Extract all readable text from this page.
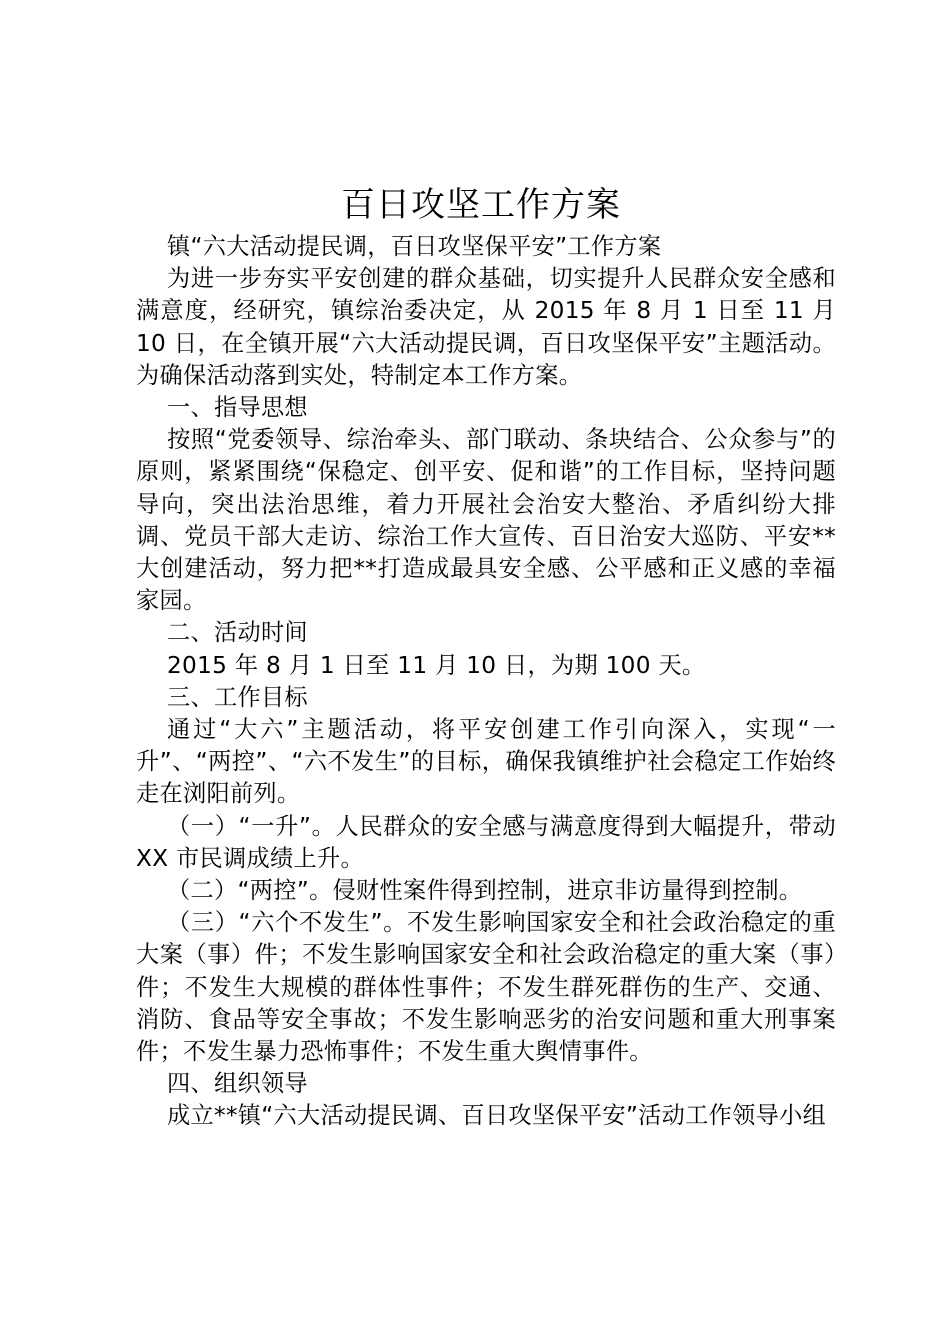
百日攻坚工作方案

镇“六大活动提民调，百日攻坚保平安”工作方案

为进一步夯实平安创建的群众基础，切实提升人民群众安全感和满意度，经研究，镇综治委决定，从 2015 年 8 月 1 日至 11 月 10 日，在全镇开展“六大活动提民调，百日攻坚保平安”主题活动。为确保活动落到实处，特制定本工作方案。

一、指导思想

按照“党委领导、综治牵头、部门联动、条块结合、公众参与”的原则，紧紧围绕“保稳定、创平安、促和谐”的工作目标，坚持问题导向，突出法治思维，着力开展社会治安大整治、矛盾纠纷大排调、党员干部大走访、综治工作大宣传、百日治安大巡防、平安**大创建活动，努力把**打造成最具安全感、公平感和正义感的幸福家园。

二、活动时间

2015 年 8 月 1 日至 11 月 10 日，为期 100 天。

三、工作目标

通过“大六”主题活动，将平安创建工作引向深入，实现“一升”、“两控”、“六不发生”的目标，确保我镇维护社会稳定工作始终走在浏阳前列。

（一）“一升”。人民群众的安全感与满意度得到大幅提升，带动 XX 市民调成绩上升。

（二）“两控”。侵财性案件得到控制，进京非访量得到控制。

（三）“六个不发生”。不发生影响国家安全和社会政治稳定的重大案（事）件；不发生影响国家安全和社会政治稳定的重大案（事）件；不发生大规模的群体性事件；不发生群死群伤的生产、交通、消防、食品等安全事故；不发生影响恶劣的治安问题和重大刑事案件；不发生暴力恐怖事件；不发生重大舆情事件。

四、组织领导

成立**镇“六大活动提民调、百日攻坚保平安”活动工作领导小组
